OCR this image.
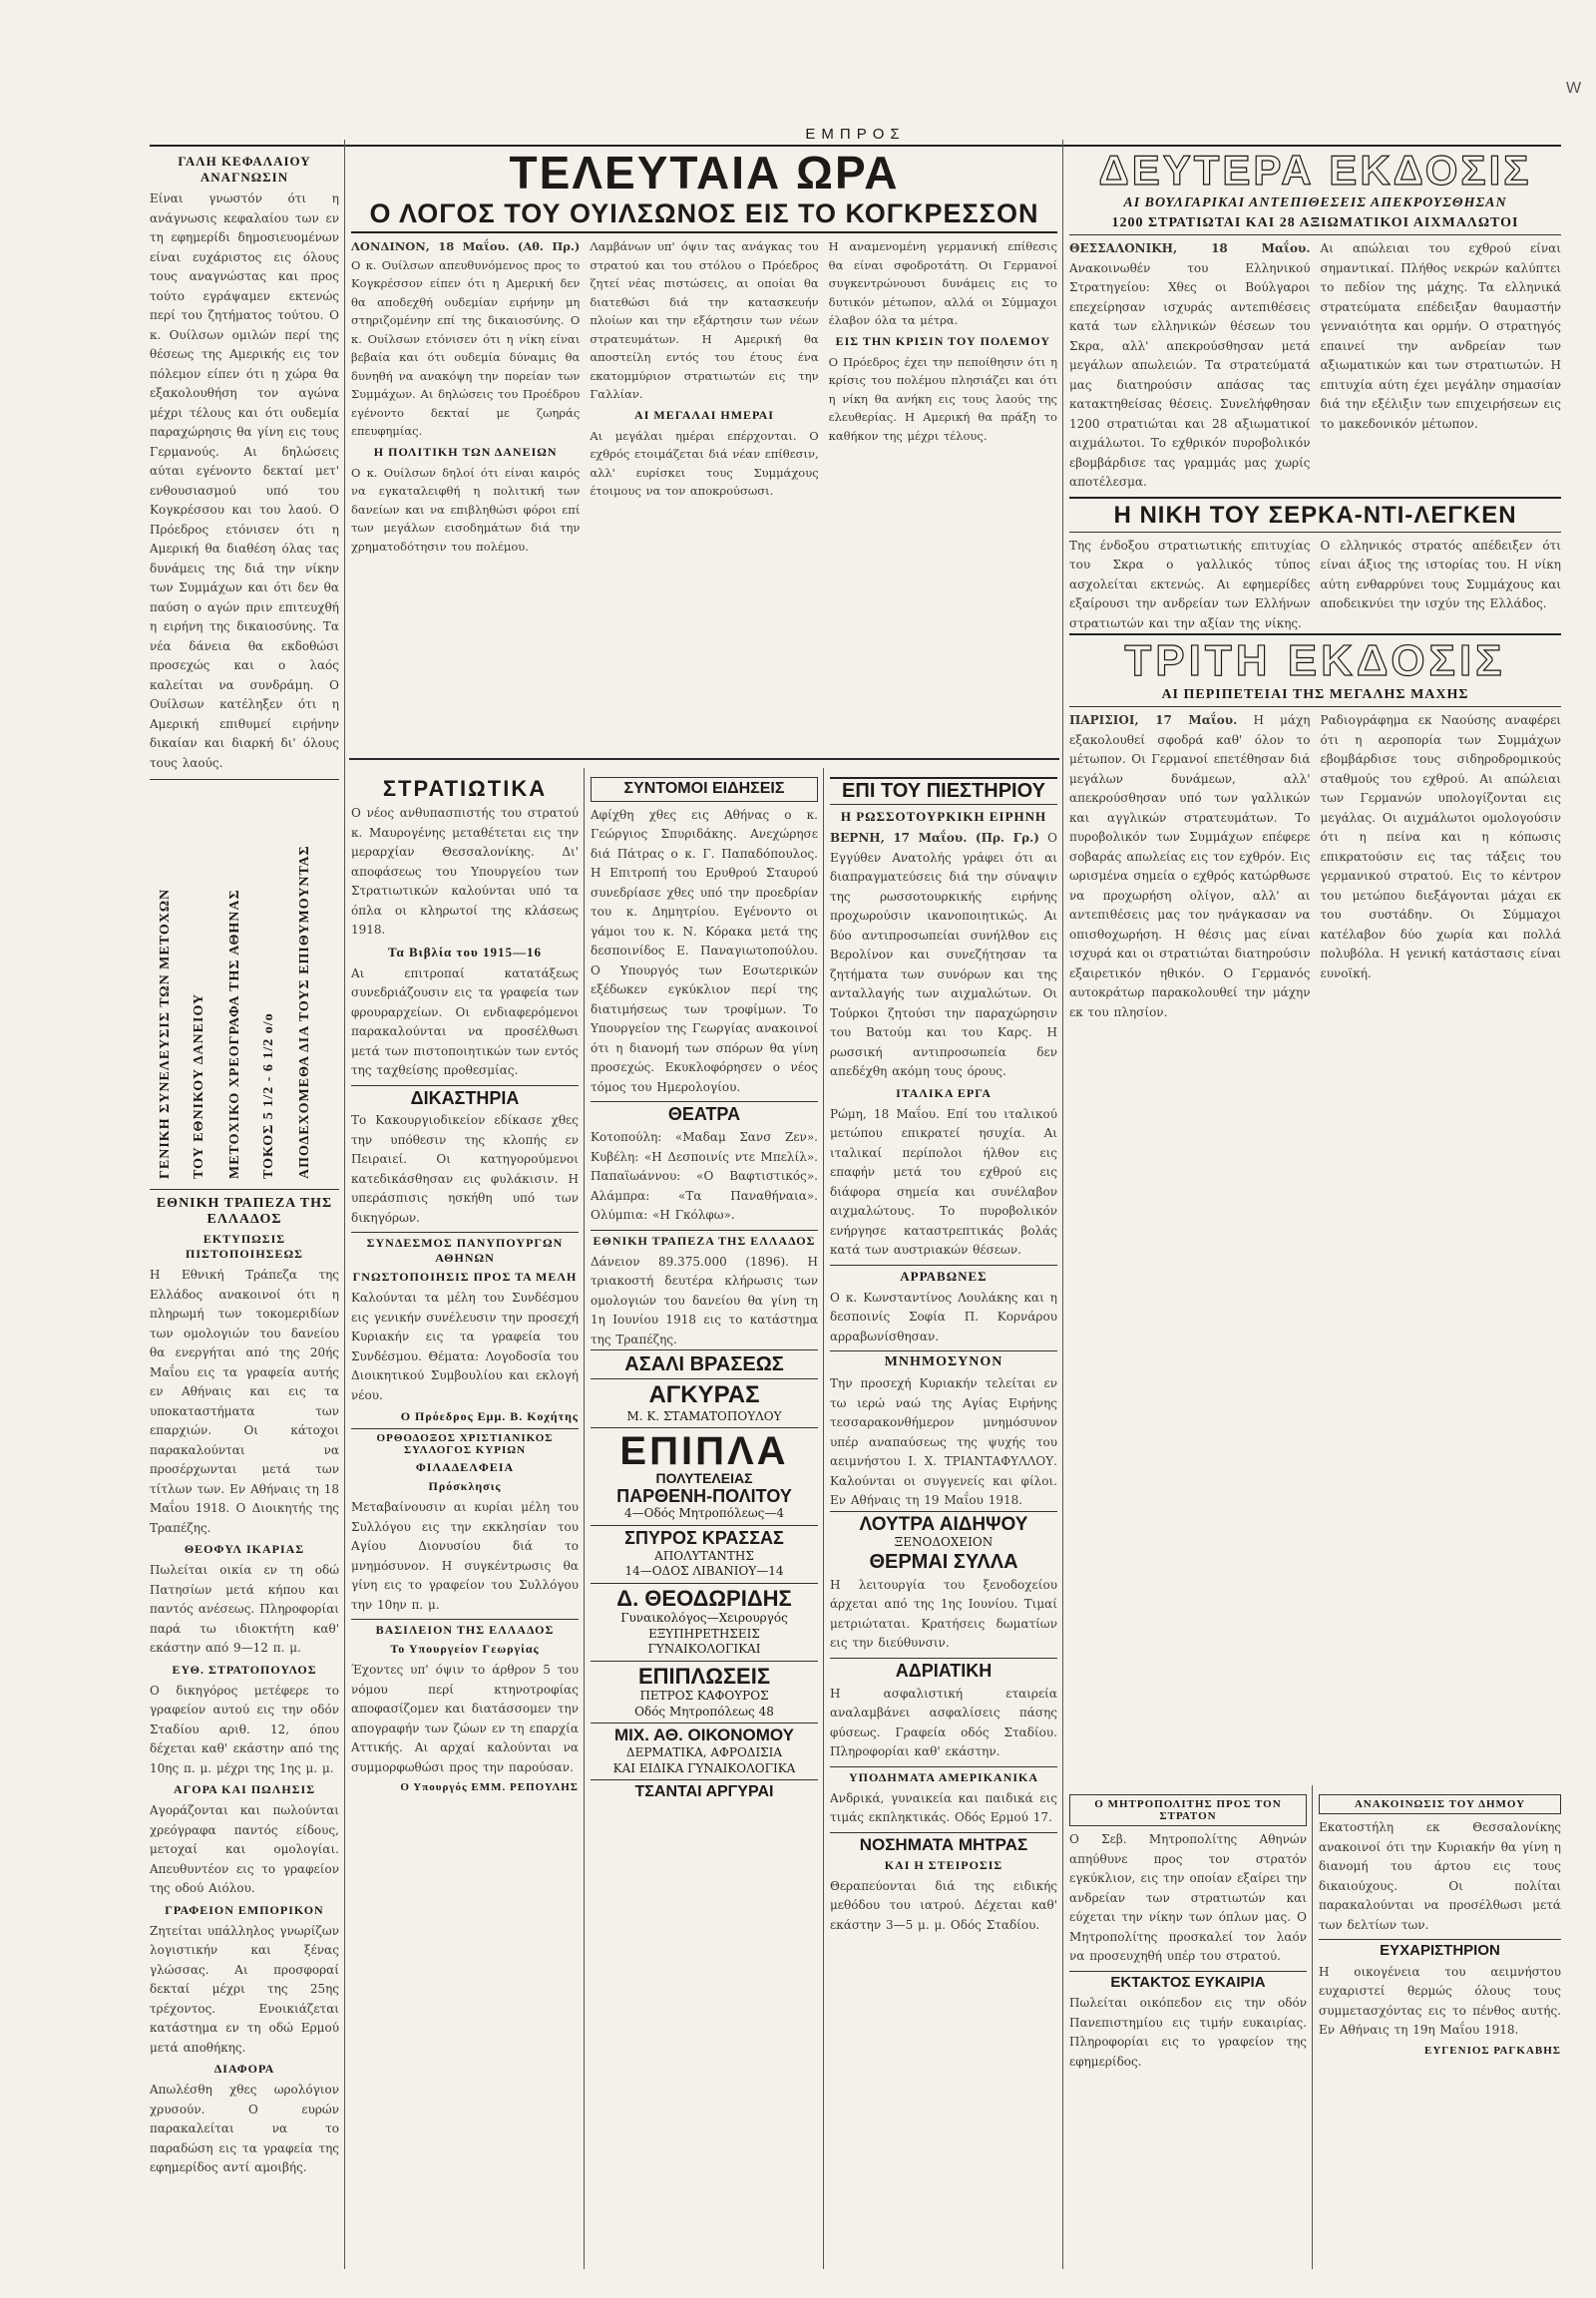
W
ΕΜΠΡΟΣ
ΓΑΛΗ ΚΕΦΑΛΑΙΟΥ ΑΝΑΓΝΩΣΙΝ

Είναι γνωστόν ότι η ανάγνωσις κεφαλαίου των εν τη εφημερίδι δημοσιευομένων είναι ευχάριστος εις όλους τους αναγνώστας και προς τούτο εγράψαμεν εκτενώς περί του ζητήματος τούτου. Ο κ. Ουίλσων ομιλών περί της θέσεως της Αμερικής εις τον πόλεμον είπεν ότι η χώρα θα εξακολουθήση τον αγώνα μέχρι τέλους και ότι ουδεμία παραχώρησις θα γίνη εις τους Γερμανούς. Αι δηλώσεις αύται εγένοντο δεκταί μετ' ενθουσιασμού υπό του Κογκρέσσου και του λαού. Ο Πρόεδρος ετόνισεν ότι η Αμερική θα διαθέση όλας τας δυνάμεις της διά την νίκην των Συμμάχων και ότι δεν θα παύση ο αγών πριν επιτευχθή η ειρήνη της δικαιοσύνης. Τα νέα δάνεια θα εκδοθώσι προσεχώς και ο λαός καλείται να συνδράμη. Ο Ουίλσων κατέληξεν ότι η Αμερική επιθυμεί ειρήνην δικαίαν και διαρκή δι' όλους τους λαούς.

ΓΕΝΙΚΗ ΣΥΝΕΛΕΥΣΙΣ ΤΩΝ ΜΕΤΟΧΩΝ ΤΟΥ ΕΘΝΙΚΟΥ ΔΑΝΕΙΟΥ ΜΕΤΟΧΙΚΟ ΧΡΕΟΓΡΑΦΑ ΤΗΣ ΑΘΗΝΑΣ ΤΟΚΟΣ 5 1/2 - 6 1/2 ο/ο ΑΠΟΔΕΧΟΜΕΘΑ ΔΙΑ ΤΟΥΣ ΕΠΙΘΥΜΟΥΝΤΑΣ
ΕΘΝΙΚΗ ΤΡΑΠΕΖΑ ΤΗΣ ΕΛΛΑΔΟΣ
ΕΚΤΥΠΩΣΙΣ ΠΙΣΤΟΠΟΙΗΣΕΩΣ

Η Εθνική Τράπεζα της Ελλάδος ανακοινοί ότι η πληρωμή των τοκομεριδίων των ομολογιών του δανείου θα ενεργήται από της 20ής Μαΐου εις τα γραφεία αυτής εν Αθήναις και εις τα υποκαταστήματα των επαρχιών. Οι κάτοχοι παρακαλούνται να προσέρχωνται μετά των τίτλων των. Εν Αθήναις τη 18 Μαΐου 1918. Ο Διοικητής της Τραπέζης.

ΘΕΟΦΥΛ ΙΚΑΡΙΑΣ

Πωλείται οικία εν τη οδώ Πατησίων μετά κήπου και παντός ανέσεως. Πληροφορίαι παρά τω ιδιοκτήτη καθ' εκάστην από 9—12 π. μ.

ΕΥΘ. ΣΤΡΑΤΟΠΟΥΛΟΣ

Ο δικηγόρος μετέφερε το γραφείον αυτού εις την οδόν Σταδίου αριθ. 12, όπου δέχεται καθ' εκάστην από της 10ης π. μ. μέχρι της 1ης μ. μ.

ΑΓΟΡΑ ΚΑΙ ΠΩΛΗΣΙΣ

Αγοράζονται και πωλούνται χρεόγραφα παντός είδους, μετοχαί και ομολογίαι. Απευθυντέον εις το γραφείον της οδού Αιόλου.

ΓΡΑΦΕΙΟΝ ΕΜΠΟΡΙΚΟΝ

Ζητείται υπάλληλος γνωρίζων λογιστικήν και ξένας γλώσσας. Αι προσφοραί δεκταί μέχρι της 25ης τρέχοντος. Ενοικιάζεται κατάστημα εν τη οδώ Ερμού μετά αποθήκης.

ΔΙΑΦΟΡΑ

Απωλέσθη χθες ωρολόγιον χρυσούν. Ο ευρών παρακαλείται να το παραδώση εις τα γραφεία της εφημερίδος αντί αμοιβής.

ΤΕΛΕΥΤΑΙΑ ΩΡΑ
Ο ΛΟΓΟΣ ΤΟΥ ΟΥΙΛΣΩΝΟΣ ΕΙΣ ΤΟ ΚΟΓΚΡΕΣΣΟΝ

ΛΟΝΔΙΝΟΝ, 18 Μαΐου. (Αθ. Πρ.) Ο κ. Ουίλσων απευθυνόμενος προς το Κογκρέσσον είπεν ότι η Αμερική δεν θα αποδεχθή ουδεμίαν ειρήνην μη στηριζομένην επί της δικαιοσύνης. Ο κ. Ουίλσων ετόνισεν ότι η νίκη είναι βεβαία και ότι ουδεμία δύναμις θα δυνηθή να ανακόψη την πορείαν των Συμμάχων. Αι δηλώσεις του Προέδρου εγένοντο δεκταί με ζωηράς επευφημίας.

Η ΠΟΛΙΤΙΚΗ ΤΩΝ ΔΑΝΕΙΩΝ

Ο κ. Ουίλσων δηλοί ότι είναι καιρός να εγκαταλειφθή η πολιτική των δανείων και να επιβληθώσι φόροι επί των μεγάλων εισοδημάτων διά την χρηματοδότησιν του πολέμου.

Λαμβάνων υπ' όψιν τας ανάγκας του στρατού και του στόλου ο Πρόεδρος ζητεί νέας πιστώσεις, αι οποίαι θα διατεθώσι διά την κατασκευήν πλοίων και την εξάρτησιν των νέων στρατευμάτων. Η Αμερική θα αποστείλη εντός του έτους ένα εκατομμύριον στρατιωτών εις την Γαλλίαν.

ΑΙ ΜΕΓΑΛΑΙ ΗΜΕΡΑΙ

Αι μεγάλαι ημέραι επέρχονται. Ο εχθρός ετοιμάζεται διά νέαν επίθεσιν, αλλ' ευρίσκει τους Συμμάχους έτοιμους να τον αποκρούσωσι.

Η αναμενομένη γερμανική επίθεσις θα είναι σφοδροτάτη. Οι Γερμανοί συγκεντρώνουσι δυνάμεις εις το δυτικόν μέτωπον, αλλά οι Σύμμαχοι έλαβον όλα τα μέτρα.

ΕΙΣ ΤΗΝ ΚΡΙΣΙΝ ΤΟΥ ΠΟΛΕΜΟΥ

Ο Πρόεδρος έχει την πεποίθησιν ότι η κρίσις του πολέμου πλησιάζει και ότι η νίκη θα ανήκη εις τους λαούς της ελευθερίας. Η Αμερική θα πράξη το καθήκον της μέχρι τέλους.

ΣΤΡΑΤΙΩΤΙΚΑ

Ο νέος ανθυπασπιστής του στρατού κ. Μαυρογένης μεταθέτεται εις την μεραρχίαν Θεσσαλονίκης. Δι' αποφάσεως του Υπουργείου των Στρατιωτικών καλούνται υπό τα όπλα οι κληρωτοί της κλάσεως 1918.

Τα Βιβλία του 1915—16

Αι επιτροπαί κατατάξεως συνεδριάζουσιν εις τα γραφεία των φρουραρχείων. Οι ενδιαφερόμενοι παρακαλούνται να προσέλθωσι μετά των πιστοποιητικών των εντός της ταχθείσης προθεσμίας.

ΔΙΚΑΣΤΗΡΙΑ

Το Κακουργιοδικείον εδίκασε χθες την υπόθεσιν της κλοπής εν Πειραιεί. Οι κατηγορούμενοι κατεδικάσθησαν εις φυλάκισιν. Η υπεράσπισις ησκήθη υπό των δικηγόρων.

ΣΥΝΔΕΣΜΟΣ ΠΑΝΥΠΟΥΡΓΩΝ ΑΘΗΝΩΝ
ΓΝΩΣΤΟΠΟΙΗΣΙΣ ΠΡΟΣ ΤΑ ΜΕΛΗ

Καλούνται τα μέλη του Συνδέσμου εις γενικήν συνέλευσιν την προσεχή Κυριακήν εις τα γραφεία του Συνδέσμου. Θέματα: Λογοδοσία του Διοικητικού Συμβουλίου και εκλογή νέου.

Ο Πρόεδρος Εμμ. Β. Κοχήτης
ΟΡΘΟΔΟΞΟΣ ΧΡΙΣΤΙΑΝΙΚΟΣ ΣΥΛΛΟΓΟΣ ΚΥΡΙΩΝ
ΦΙΛΑΔΕΛΦΕΙΑ
Πρόσκλησις

Μεταβαίνουσιν αι κυρίαι μέλη του Συλλόγου εις την εκκλησίαν του Αγίου Διονυσίου διά το μνημόσυνον. Η συγκέντρωσις θα γίνη εις το γραφείον του Συλλόγου την 10ην π. μ.

ΒΑΣΙΛΕΙΟΝ ΤΗΣ ΕΛΛΑΔΟΣ
Το Υπουργείον Γεωργίας

Έχοντες υπ' όψιν το άρθρον 5 του νόμου περί κτηνοτροφίας αποφασίζομεν και διατάσσομεν την απογραφήν των ζώων εν τη επαρχία Αττικής. Αι αρχαί καλούνται να συμμορφωθώσι προς την παρούσαν.

Ο Υπουργός ΕΜΜ. ΡΕΠΟΥΛΗΣ
ΣΥΝΤΟΜΟΙ ΕΙΔΗΣΕΙΣ

Αφίχθη χθες εις Αθήνας ο κ. Γεώργιος Σπυριδάκης. Ανεχώρησε διά Πάτρας ο κ. Γ. Παπαδόπουλος. Η Επιτροπή του Ερυθρού Σταυρού συνεδρίασε χθες υπό την προεδρίαν του κ. Δημητρίου. Εγένοντο οι γάμοι του κ. Ν. Κόρακα μετά της δεσποινίδος Ε. Παναγιωτοπούλου. Ο Υπουργός των Εσωτερικών εξέδωκεν εγκύκλιον περί της διατιμήσεως των τροφίμων. Το Υπουργείον της Γεωργίας ανακοινοί ότι η διανομή των σπόρων θα γίνη προσεχώς. Εκυκλοφόρησεν ο νέος τόμος του Ημερολογίου.

ΘΕΑΤΡΑ

Κοτοπούλη: «Μαδαμ Σανσ Ζεν». Κυβέλη: «Η Δεσποινίς ντε Μπελίλ». Παπαϊωάννου: «Ο Βαφτιστικός». Αλάμπρα: «Τα Παναθήναια». Ολύμπια: «Η Γκόλφω».

ΕΘΝΙΚΗ ΤΡΑΠΕΖΑ ΤΗΣ ΕΛΛΑΔΟΣ

Δάνειον 89.375.000 (1896). Η τριακοστή δευτέρα κλήρωσις των ομολογιών του δανείου θα γίνη τη 1η Ιουνίου 1918 εις το κατάστημα της Τραπέζης.

ΑΣΑΛΙ ΒΡΑΣΕΩΣ
ΑΓΚΥΡΑΣ
Μ. Κ. ΣΤΑΜΑΤΟΠΟΥΛΟΥ
ΕΠΙΠΛΑ
ΠΟΛΥΤΕΛΕΙΑΣ
ΠΑΡΘΕΝΗ-ΠΟΛΙΤΟΥ
4—Οδός Μητροπόλεως—4
ΣΠΥΡΟΣ ΚΡΑΣΣΑΣ
ΑΠΟΛΥΤΑΝΤΗΣ
14—ΟΔΟΣ ΛΙΒΑΝΙΟΥ—14
Δ. ΘΕΟΔΩΡΙΔΗΣ
Γυναικολόγος—Χειρουργός
ΕΞΥΠΗΡΕΤΗΣΕΙΣ ΓΥΝΑΙΚΟΛΟΓΙΚΑΙ
ΕΠΙΠΛΩΣΕΙΣ
ΠΕΤΡΟΣ ΚΑΦΟΥΡΟΣ
Οδός Μητροπόλεως 48
ΜΙΧ. ΑΘ. ΟΙΚΟΝΟΜΟΥ
ΔΕΡΜΑΤΙΚΑ, ΑΦΡΟΔΙΣΙΑ
ΚΑΙ ΕΙΔΙΚΑ ΓΥΝΑΙΚΟΛΟΓΙΚΑ
ΤΣΑΝΤΑΙ ΑΡΓΥΡΑΙ
ΕΠΙ ΤΟΥ ΠΙΕΣΤΗΡΙΟΥ
Η ΡΩΣΣΟΤΟΥΡΚΙΚΗ ΕΙΡΗΝΗ

ΒΕΡΝΗ, 17 Μαΐου. (Πρ. Γρ.) Ο Εγγύθεν Ανατολής γράφει ότι αι διαπραγματεύσεις διά την σύναψιν της ρωσσοτουρκικής ειρήνης προχωρούσιν ικανοποιητικώς. Αι δύο αντιπροσωπείαι συνήλθον εις Βερολίνον και συνεζήτησαν τα ζητήματα των συνόρων και της ανταλλαγής των αιχμαλώτων. Οι Τούρκοι ζητούσι την παραχώρησιν του Βατούμ και του Καρς. Η ρωσσική αντιπροσωπεία δεν απεδέχθη ακόμη τους όρους.

ΙΤΑΛΙΚΑ ΕΡΓΑ

Ρώμη, 18 Μαΐου. Επί του ιταλικού μετώπου επικρατεί ησυχία. Αι ιταλικαί περίπολοι ήλθον εις επαφήν μετά του εχθρού εις διάφορα σημεία και συνέλαβον αιχμαλώτους. Το πυροβολικόν ενήργησε καταστρεπτικάς βολάς κατά των αυστριακών θέσεων.

ΑΡΡΑΒΩΝΕΣ

Ο κ. Κωνσταντίνος Λουλάκης και η δεσποινίς Σοφία Π. Κορνάρου αρραβωνίσθησαν.

ΜΝΗΜΟΣΥΝΟΝ

Την προσεχή Κυριακήν τελείται εν τω ιερώ ναώ της Αγίας Ειρήνης τεσσαρακονθήμερον μνημόσυνον υπέρ αναπαύσεως της ψυχής του αειμνήστου Ι. Χ. ΤΡΙΑΝΤΑΦΥΛΛΟΥ. Καλούνται οι συγγενείς και φίλοι. Εν Αθήναις τη 19 Μαΐου 1918.

ΛΟΥΤΡΑ ΑΙΔΗΨΟΥ
ΞΕΝΟΔΟΧΕΙΟΝ
ΘΕΡΜΑΙ ΣΥΛΛΑ

Η λειτουργία του ξενοδοχείου άρχεται από της 1ης Ιουνίου. Τιμαί μετριώταται. Κρατήσεις δωματίων εις την διεύθυνσιν.

ΑΔΡΙΑΤΙΚΗ

Η ασφαλιστική εταιρεία αναλαμβάνει ασφαλίσεις πάσης φύσεως. Γραφεία οδός Σταδίου. Πληροφορίαι καθ' εκάστην.

ΥΠΟΔΗΜΑΤΑ ΑΜΕΡΙΚΑΝΙΚΑ

Ανδρικά, γυναικεία και παιδικά εις τιμάς εκπληκτικάς. Οδός Ερμού 17.

ΝΟΣΗΜΑΤΑ ΜΗΤΡΑΣ
ΚΑΙ Η ΣΤΕΙΡΟΣΙΣ

Θεραπεύονται διά της ειδικής μεθόδου του ιατρού. Δέχεται καθ' εκάστην 3—5 μ. μ. Οδός Σταδίου.

ΔΕΥΤΕΡΑ ΕΚΔΟΣΙΣ
ΑΙ ΒΟΥΛΓΑΡΙΚΑΙ ΑΝΤΕΠΙΘΕΣΕΙΣ ΑΠΕΚΡΟΥΣΘΗΣΑΝ
1200 ΣΤΡΑΤΙΩΤΑΙ ΚΑΙ 28 ΑΞΙΩΜΑΤΙΚΟΙ ΑΙΧΜΑΛΩΤΟΙ

ΘΕΣΣΑΛΟΝΙΚΗ, 18 Μαΐου. Ανακοινωθέν του Ελληνικού Στρατηγείου: Χθες οι Βούλγαροι επεχείρησαν ισχυράς αντεπιθέσεις κατά των ελληνικών θέσεων του Σκρα, αλλ' απεκρούσθησαν μετά μεγάλων απωλειών. Τα στρατεύματά μας διατηρούσιν απάσας τας κατακτηθείσας θέσεις. Συνελήφθησαν 1200 στρατιώται και 28 αξιωματικοί αιχμάλωτοι. Το εχθρικόν πυροβολικόν εβομβάρδισε τας γραμμάς μας χωρίς αποτέλεσμα.

Αι απώλειαι του εχθρού είναι σημαντικαί. Πλήθος νεκρών καλύπτει το πεδίον της μάχης. Τα ελληνικά στρατεύματα επέδειξαν θαυμαστήν γενναιότητα και ορμήν. Ο στρατηγός επαινεί την ανδρείαν των αξιωματικών και των στρατιωτών. Η επιτυχία αύτη έχει μεγάλην σημασίαν διά την εξέλιξιν των επιχειρήσεων εις το μακεδονικόν μέτωπον.

Η ΝΙΚΗ ΤΟΥ ΣΕΡΚΑ-ΝΤΙ-ΛΕΓΚΕΝ

Της ένδοξου στρατιωτικής επιτυχίας του Σκρα ο γαλλικός τύπος ασχολείται εκτενώς. Αι εφημερίδες εξαίρουσι την ανδρείαν των Ελλήνων στρατιωτών και την αξίαν της νίκης.

Ο ελληνικός στρατός απέδειξεν ότι είναι άξιος της ιστορίας του. Η νίκη αύτη ενθαρρύνει τους Συμμάχους και αποδεικνύει την ισχύν της Ελλάδος.

ΤΡΙΤΗ ΕΚΔΟΣΙΣ
ΑΙ ΠΕΡΙΠΕΤΕΙΑΙ ΤΗΣ ΜΕΓΑΛΗΣ ΜΑΧΗΣ

ΠΑΡΙΣΙΟΙ, 17 Μαΐου. Η μάχη εξακολουθεί σφοδρά καθ' όλον το μέτωπον. Οι Γερμανοί επετέθησαν διά μεγάλων δυνάμεων, αλλ' απεκρούσθησαν υπό των γαλλικών και αγγλικών στρατευμάτων. Το πυροβολικόν των Συμμάχων επέφερε σοβαράς απωλείας εις τον εχθρόν. Εις ωρισμένα σημεία ο εχθρός κατώρθωσε να προχωρήση ολίγον, αλλ' αι αντεπιθέσεις μας τον ηνάγκασαν να οπισθοχωρήση. Η θέσις μας είναι ισχυρά και οι στρατιώται διατηρούσιν εξαιρετικόν ηθικόν. Ο Γερμανός αυτοκράτωρ παρακολουθεί την μάχην εκ του πλησίον.

Ραδιογράφημα εκ Ναούσης αναφέρει ότι η αεροπορία των Συμμάχων εβομβάρδισε τους σιδηροδρομικούς σταθμούς του εχθρού. Αι απώλειαι των Γερμανών υπολογίζονται εις μεγάλας. Οι αιχμάλωτοι ομολογούσιν ότι η πείνα και η κόπωσις επικρατούσιν εις τας τάξεις του γερμανικού στρατού. Εις το κέντρον του μετώπου διεξάγονται μάχαι εκ του συστάδην. Οι Σύμμαχοι κατέλαβον δύο χωρία και πολλά πολυβόλα. Η γενική κατάστασις είναι ευνοϊκή.

Ο ΜΗΤΡΟΠΟΛΙΤΗΣ ΠΡΟΣ ΤΟΝ ΣΤΡΑΤΟΝ

Ο Σεβ. Μητροπολίτης Αθηνών απηύθυνε προς τον στρατόν εγκύκλιον, εις την οποίαν εξαίρει την ανδρείαν των στρατιωτών και εύχεται την νίκην των όπλων μας. Ο Μητροπολίτης προσκαλεί τον λαόν να προσευχηθή υπέρ του στρατού.

ΕΚΤΑΚΤΟΣ ΕΥΚΑΙΡΙΑ

Πωλείται οικόπεδον εις την οδόν Πανεπιστημίου εις τιμήν ευκαιρίας. Πληροφορίαι εις το γραφείον της εφημερίδος.

ΑΝΑΚΟΙΝΩΣΙΣ ΤΟΥ ΔΗΜΟΥ

Εκατοστήλη εκ Θεσσαλονίκης ανακοινοί ότι την Κυριακήν θα γίνη η διανομή του άρτου εις τους δικαιούχους. Οι πολίται παρακαλούνται να προσέλθωσι μετά των δελτίων των.

ΕΥΧΑΡΙΣΤΗΡΙΟΝ

Η οικογένεια του αειμνήστου ευχαριστεί θερμώς όλους τους συμμετασχόντας εις το πένθος αυτής. Εν Αθήναις τη 19η Μαΐου 1918.

ΕΥΓΕΝΙΟΣ ΡΑΓΚΑΒΗΣ
